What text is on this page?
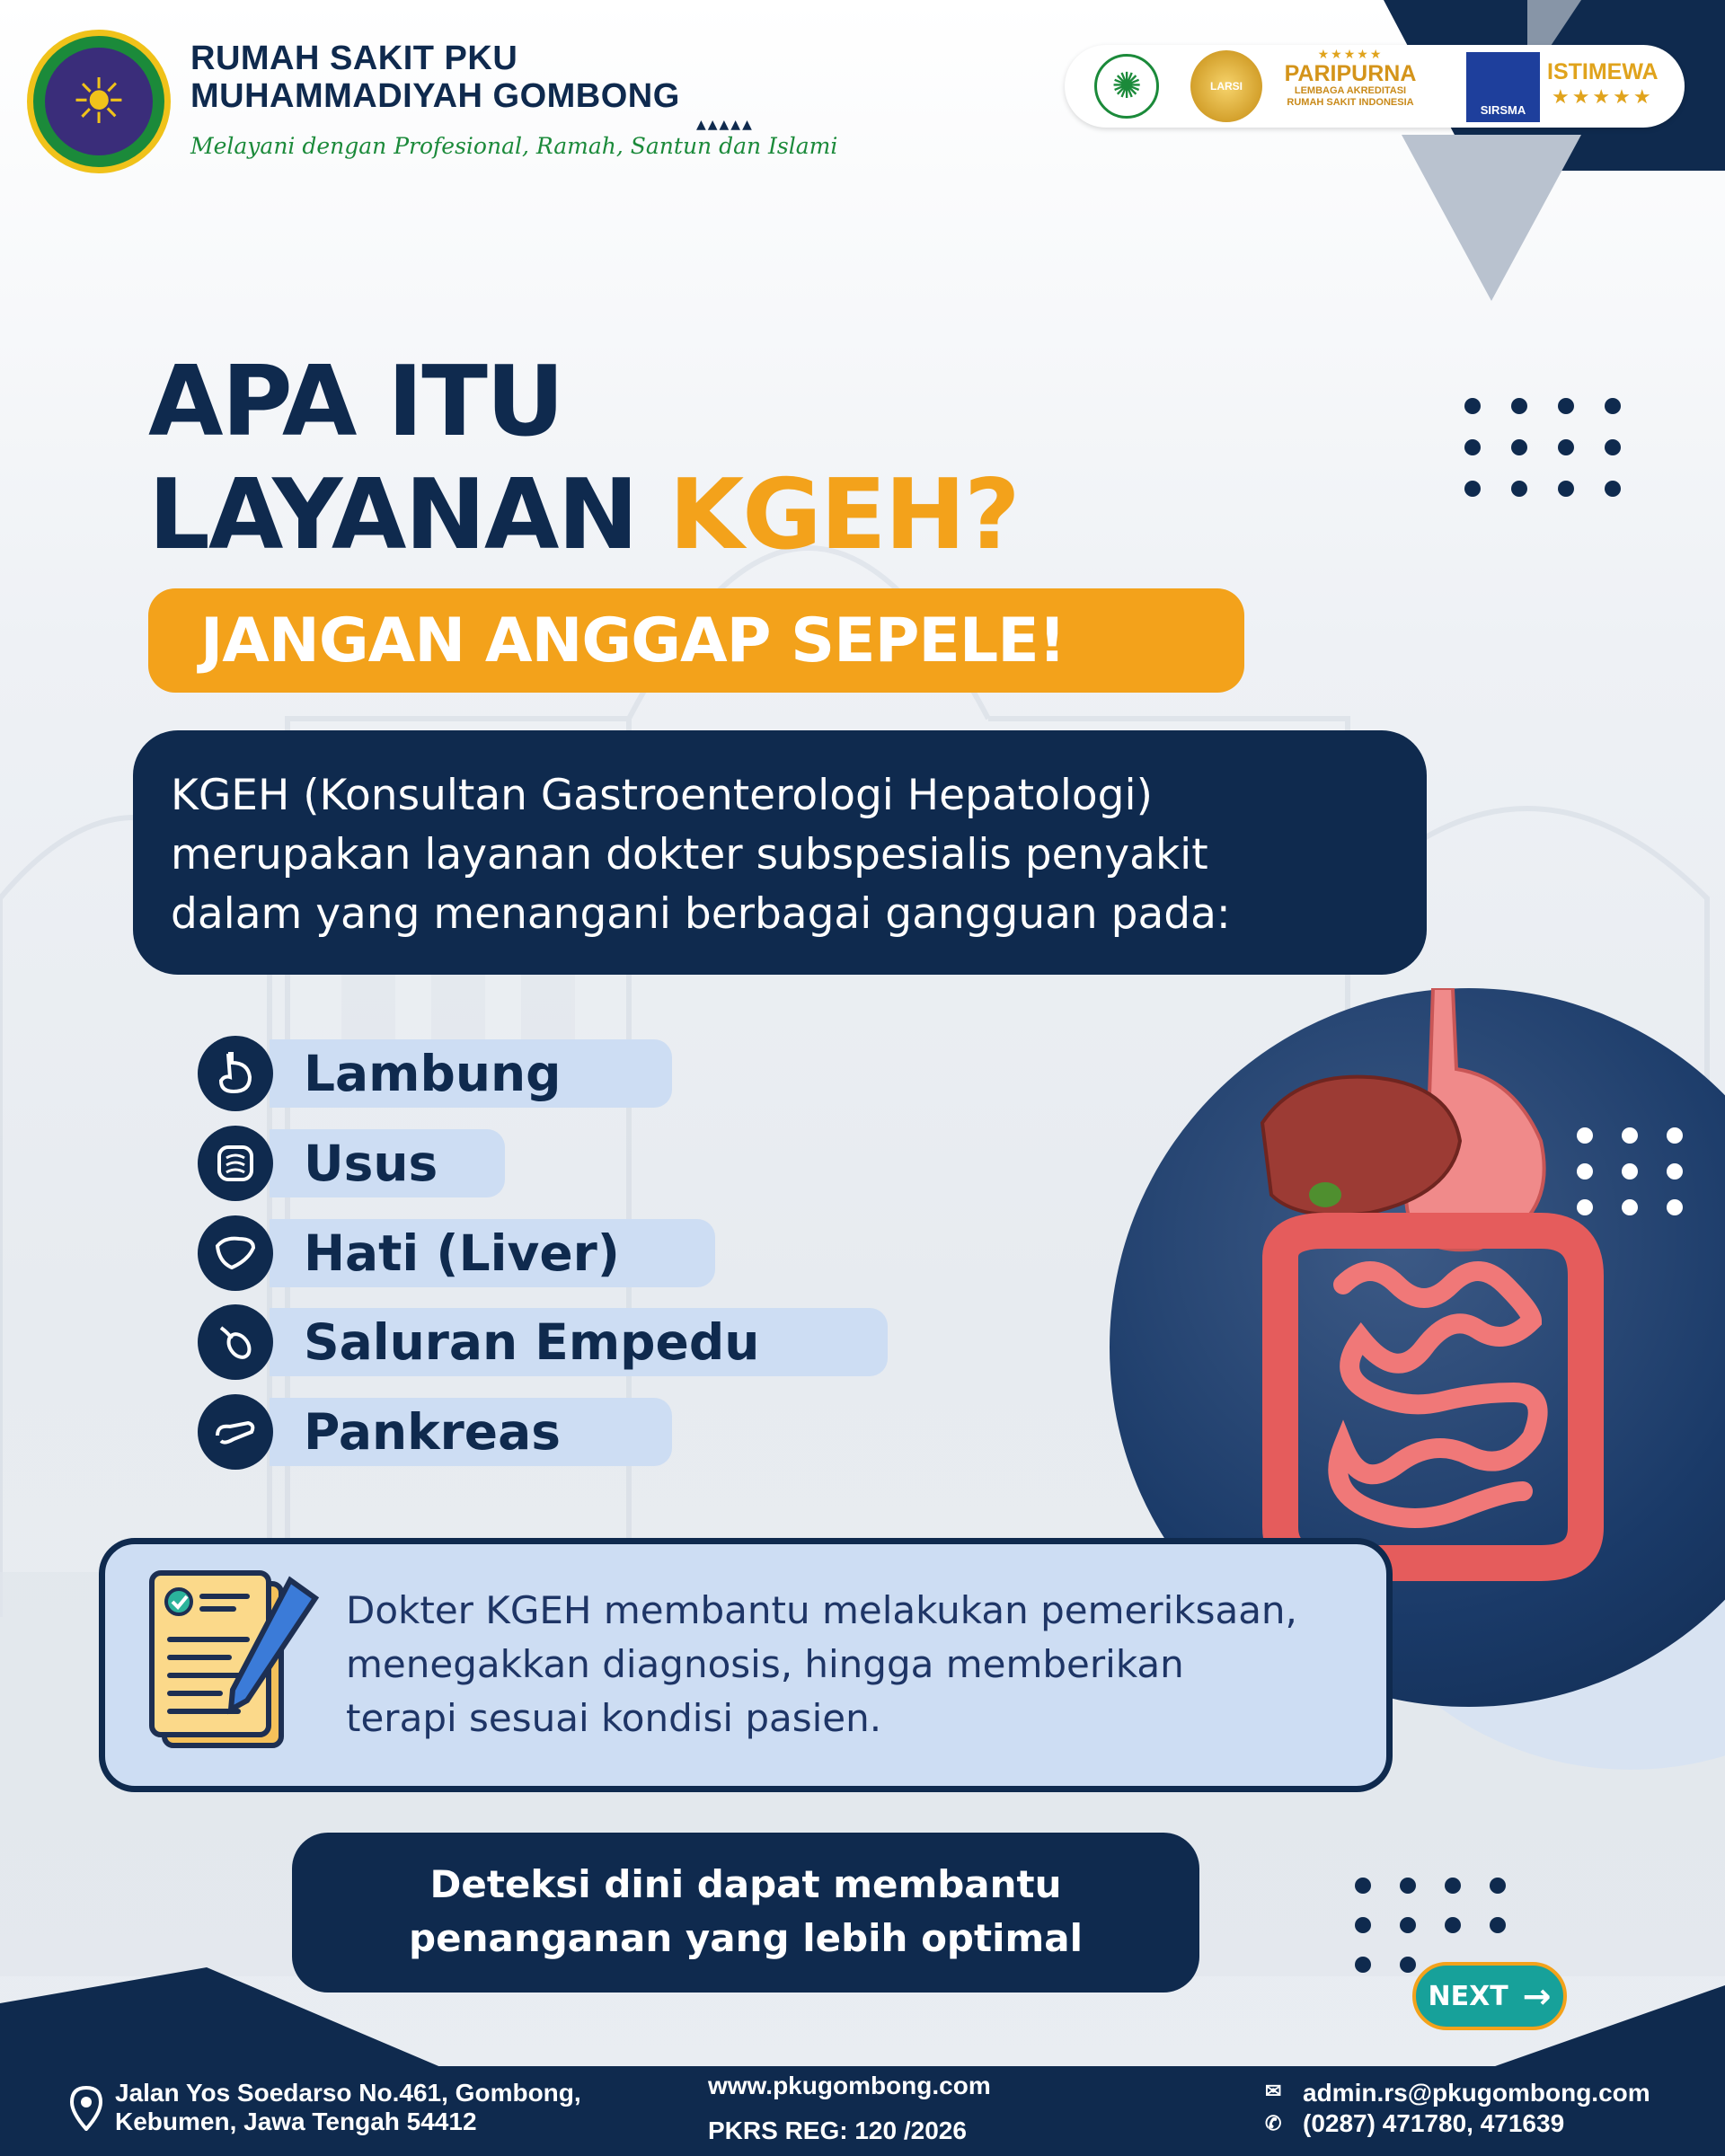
☀
RUMAH SAKIT PKU
MUHAMMADIYAH GOMBONG
▲▲▲▲▲
Melayani dengan Profesional, Ramah, Santun dan Islami
✺	LARSI
★★★★★
PARIPURNA
LEMBAGA AKREDITASI
RUMAH SAKIT INDONESIA
SIRSMA
ISTIMEWA
★★★★★
APA ITU
LAYANAN KGEH?
JANGAN ANGGAP SEPELE!
KGEH (Konsultan Gastroenterologi Hepatologi)
merupakan layanan dokter subspesialis penyakit
dalam yang menangani berbagai gangguan pada:
Lambung
Usus
Hati (Liver)
Saluran Empedu
Pankreas
Dokter KGEH membantu melakukan pemeriksaan,
menegakkan diagnosis, hingga memberikan
terapi sesuai kondisi pasien.
Deteksi dini dapat membantu
penanganan yang lebih optimal
NEXT →
Jalan Yos Soedarso No.461, Gombong,
Kebumen, Jawa Tengah 54412
www.pkugombong.com
PKRS REG: 120 /2026
✉
✆
admin.rs@pkugombong.com
(0287) 471780, 471639
